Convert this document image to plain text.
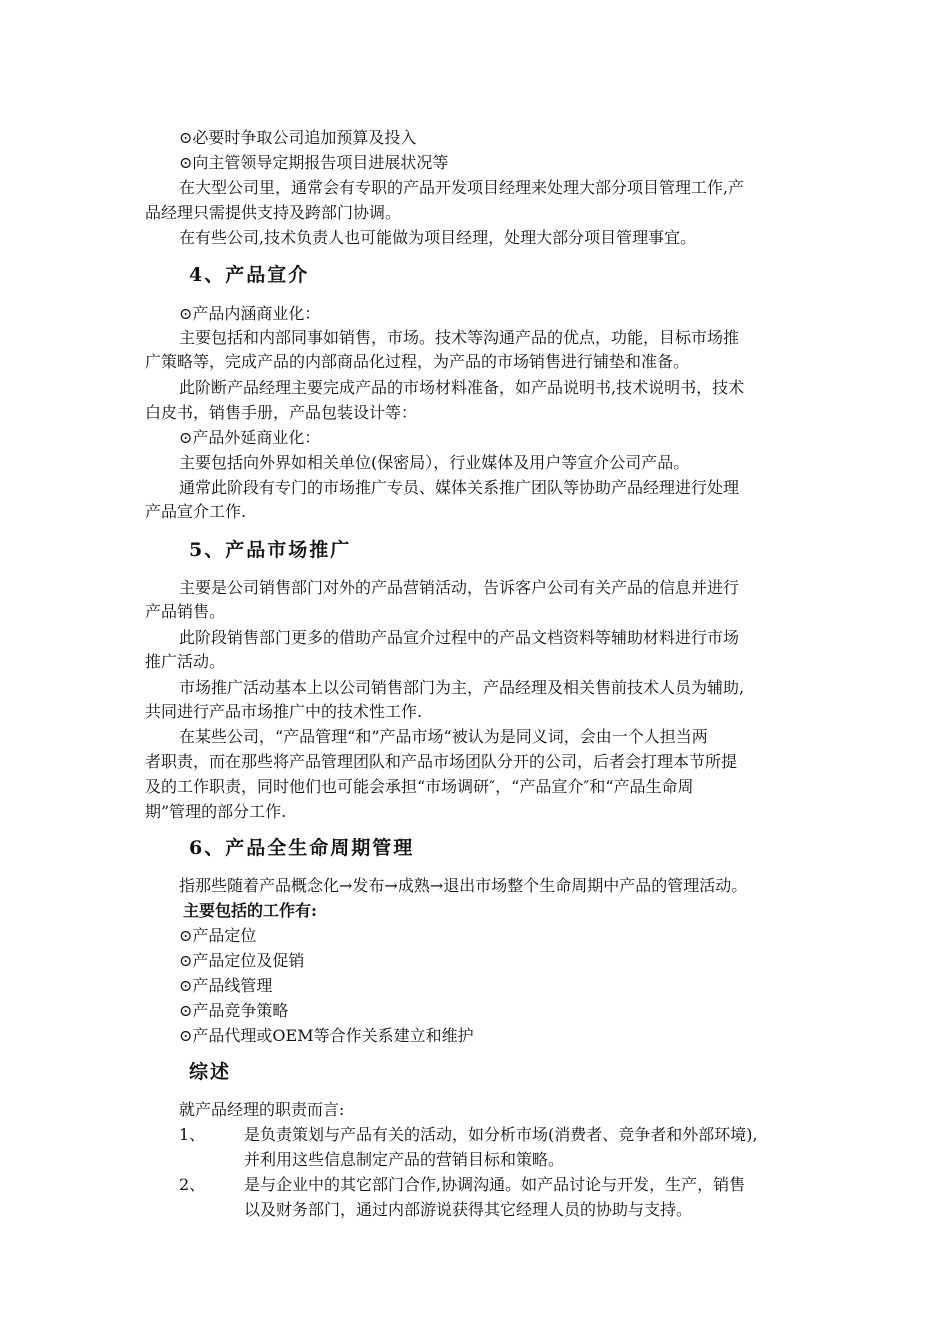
⊙必要时争取公司追加预算及投入
⊙向主管领导定期报告项目进展状况等
在大型公司里，通常会有专职的产品开发项目经理来处理大部分项目管理工作,产
品经理只需提供支持及跨部门协调。
在有些公司,技术负责人也可能做为项目经理，处理大部分项目管理事宜。
4、产品宣介
⊙产品内涵商业化：
主要包括和内部同事如销售，市场。技术等沟通产品的优点，功能，目标市场推
广策略等，完成产品的内部商品化过程，为产品的市场销售进行铺垫和准备。
此阶断产品经理主要完成产品的市场材料准备，如产品说明书,技术说明书，技术
白皮书，销售手册，产品包装设计等：
⊙产品外延商业化：
主要包括向外界如相关单位(保密局），行业媒体及用户等宣介公司产品。
通常此阶段有专门的市场推广专员、媒体关系推广团队等协助产品经理进行处理
产品宣介工作.
5、产品市场推广
主要是公司销售部门对外的产品营销活动，告诉客户公司有关产品的信息并进行
产品销售。
此阶段销售部门更多的借助产品宣介过程中的产品文档资料等辅助材料进行市场
推广活动。
市场推广活动基本上以公司销售部门为主，产品经理及相关售前技术人员为辅助,
共同进行产品市场推广中的技术性工作.
在某些公司，“产品管理“和”产品市场“被认为是同义词，会由一个人担当两
者职责，而在那些将产品管理团队和产品市场团队分开的公司，后者会打理本节所提
及的工作职责，同时他们也可能会承担“市场调研″，“产品宣介″和“产品生命周
期”管理的部分工作.
6、产品全生命周期管理
指那些随着产品概念化→发布→成熟→退出市场整个生命周期中产品的管理活动。
主要包括的工作有:
⊙产品定位
⊙产品定位及促销
⊙产品线管理
⊙产品竞争策略
⊙产品代理或OEM等合作关系建立和维护
综述
就产品经理的职责而言:
1、 是负责策划与产品有关的活动，如分析市场(消费者、竞争者和外部环境),
并利用这些信息制定产品的营销目标和策略。
2、 是与企业中的其它部门合作,协调沟通。如产品讨论与开发，生产，销售
以及财务部门，通过内部游说获得其它经理人员的协助与支持。
